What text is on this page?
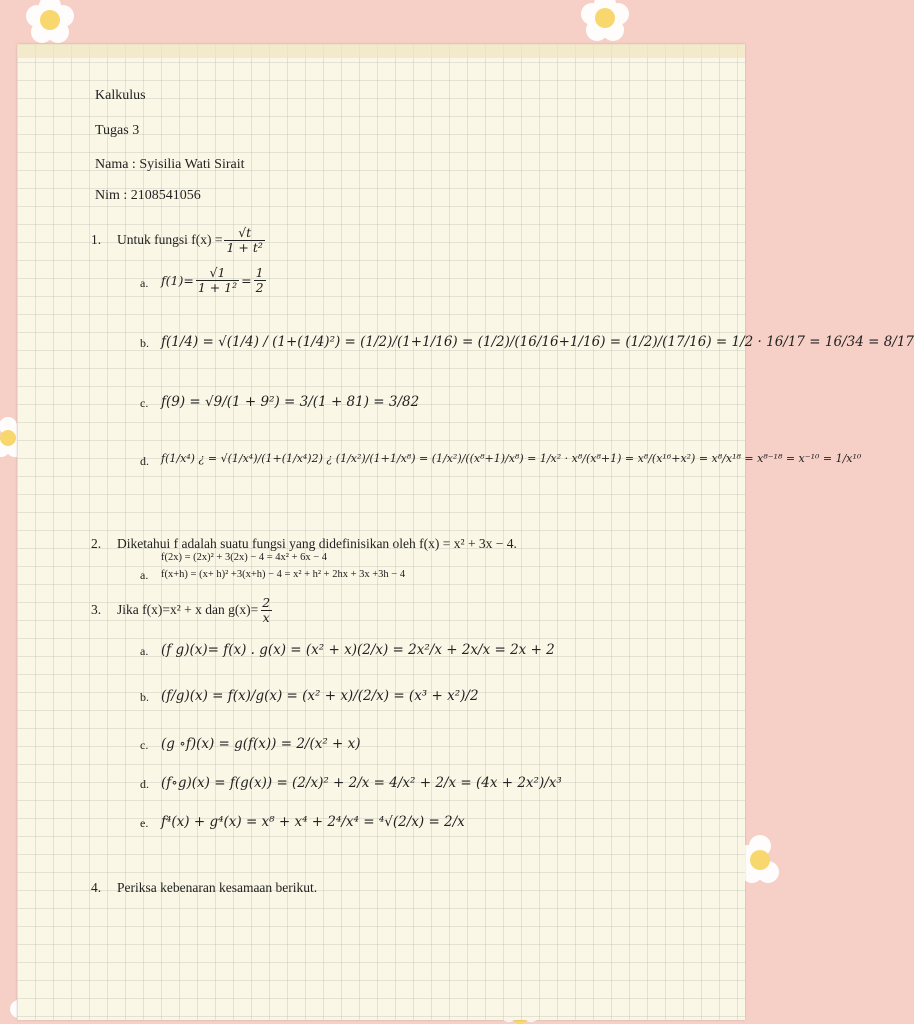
Kalkulus
Tugas 3
Nama : Syisilia Wati Sirait
Nim : 2108541056
1.	Untuk fungsi $f(x) = \frac{√t}{\text{1 + t²}}$
a. $f(1)= \frac{√1}{\text{1 + 1²}} = \frac{1}{2}$
b. f(1/4) = √(1/4) / (1+(1/4)²) = (1/2)/(1+1/16) = (1/2)/(16/16+1/16) = (1/2)/(17/16) = 1/2 · 16/17 = 16/34 = 8/17
c. f(9) = √9/(1 + 9²) = 3/(1 + 81) = 3/82
d. f(1/x⁴) ¿ = √(1/x⁴)/(1+(1/x⁴)2) ¿ (1/x²)/(1+1/x⁸) = (1/x²)/((x⁸+1)/x⁸) = 1/x² · x⁸/(x⁸+1) = x⁸/(x¹⁶+x²) = x⁸/x¹⁸ = x⁸⁻¹⁸ = x⁻¹⁰ = 1/x¹⁰
2.	Diketahui f adalah suatu fungsi yang didefinisikan oleh f(x) = x² + 3x − 4.
f(2x) = (2x)² + 3(2x) − 4 = 4x² + 6x − 4
a. f(x+h) = (x+ h)² +3(x+h) − 4 = x² + h² + 2hx + 3x +3h − 4
3.	Jika f(x)=x² + x dan $g(x)= \frac{2}{x}$
a. (f g)(x)= f(x) . g(x) = (x² + x)(2/x) = 2x²/x + 2x/x = 2x + 2
b. (f/g)(x) = f(x)/g(x) = (x² + x)/(2/x) = (x³ + x²)/2
c. (g ∘f)(x) = g(f(x)) = 2/(x² + x)
d. (f∘g)(x) = f(g(x)) = (2/x)² + 2/x = 4/x² + 2/x = (4x + 2x²)/x³
e. f⁴(x) + g⁴(x) = x⁸ + x⁴ + 2⁴/x⁴ = ⁴√(2/x) = 2/x
4.	Periksa kebenaran kesamaan berikut.
